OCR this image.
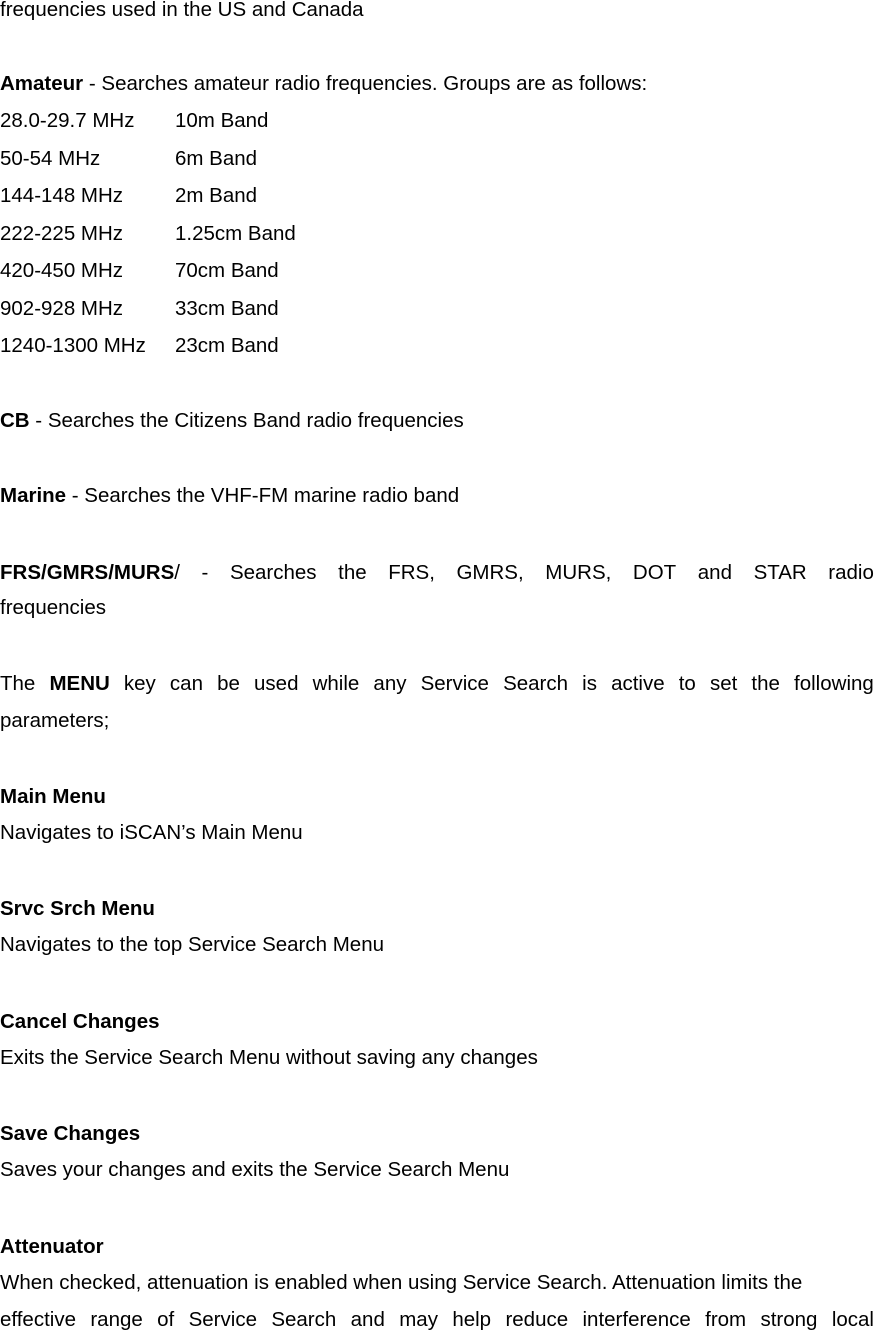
frequencies used in the US and Canada
Amateur - Searches amateur radio frequencies. Groups are as follows:
28.0-29.7 MHz 10m Band
50-54 MHz	6m Band
144-148 MHz	2m Band
222-225 MHz	1.25cm Band
420-450 MHz	70cm Band
902-928 MHz	33cm Band
1240-1300 MHz 23cm Band
CB - Searches the Citizens Band radio frequencies
Marine - Searches the VHF-FM marine radio band
FRS/GMRS/MURS/ - Searches the FRS, GMRS, MURS, DOT and STAR radio
frequencies
The MENU key can be used while any Service Search is active to set the following
parameters;
Main Menu
Navigates to iSCAN’s Main Menu
Srvc Srch Menu
Navigates to the top Service Search Menu
Cancel Changes
Exits the Service Search Menu without saving any changes
Save Changes
Saves your changes and exits the Service Search Menu
Attenuator
When checked, attenuation is enabled when using Service Search. Attenuation limits the
effective range of Service Search and may help reduce interference from strong local
